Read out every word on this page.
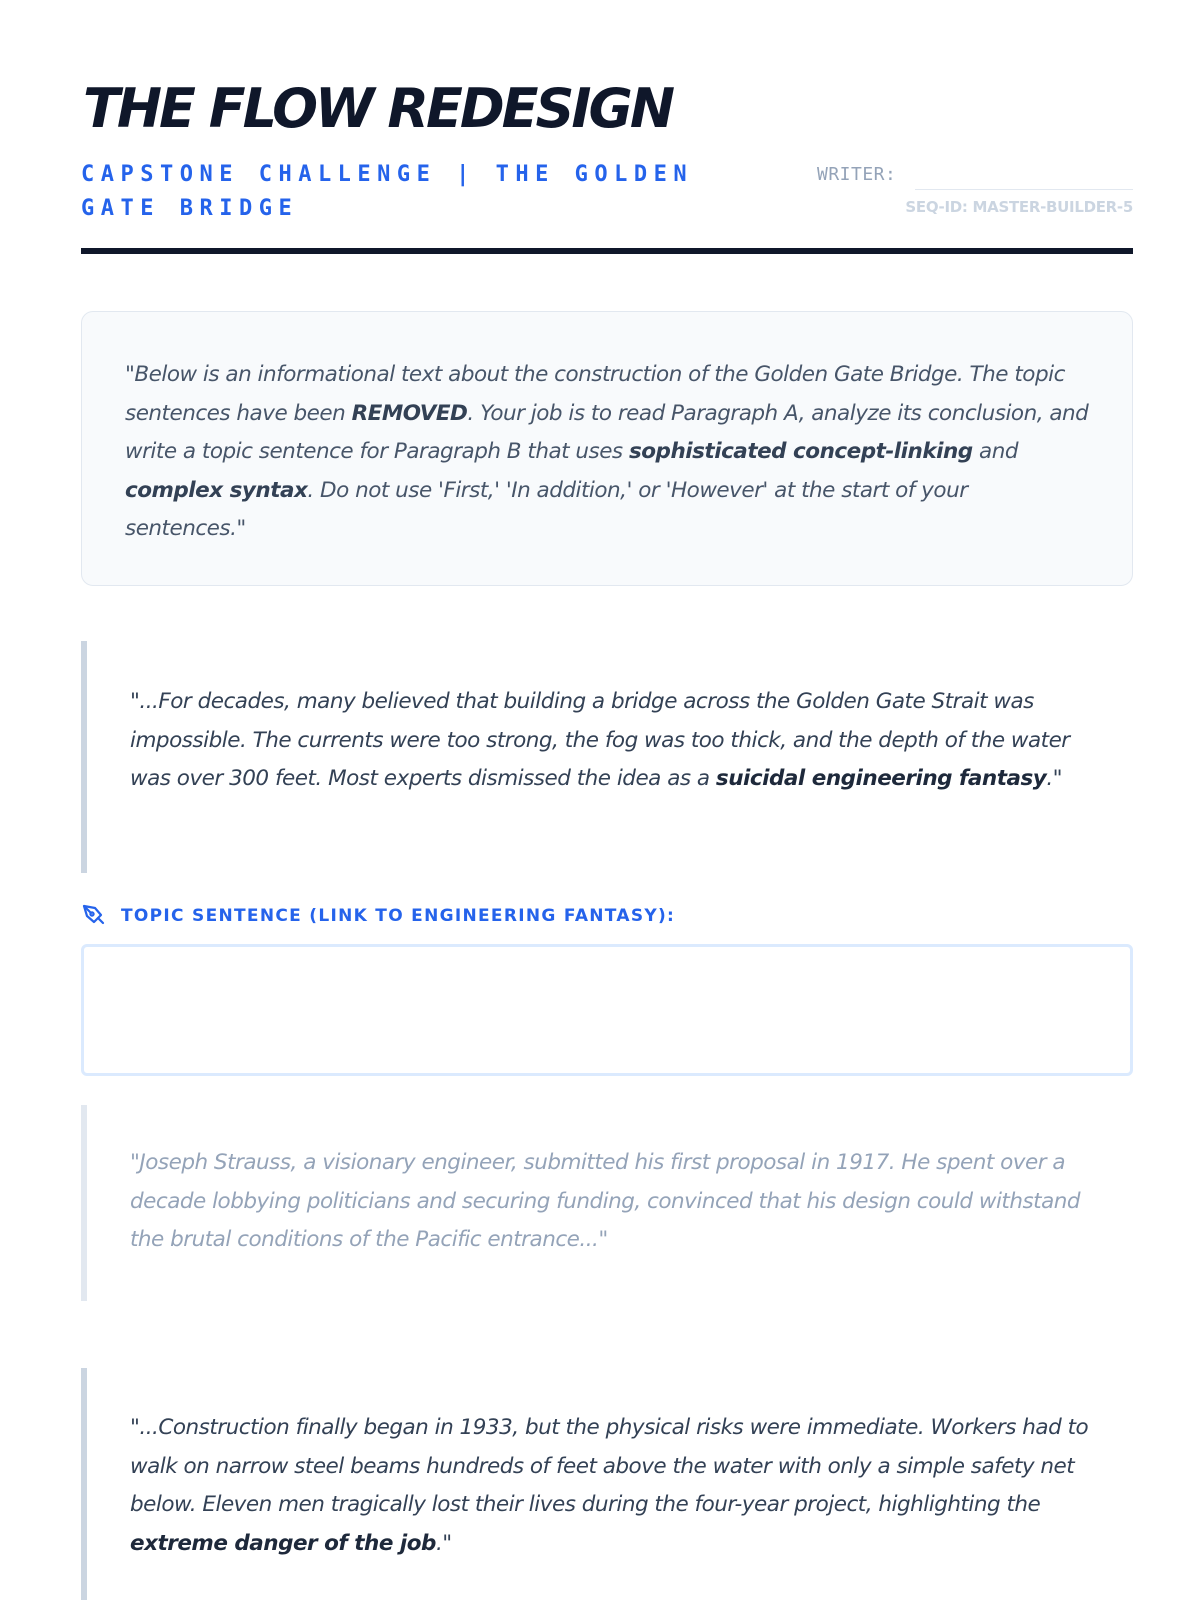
THE FLOW REDESIGN
CAPSTONE CHALLENGE | THE GOLDEN GATE BRIDGE
WRITER:
SEQ-ID: MASTER-BUILDER-5
"Below is an informational text about the construction of the Golden Gate Bridge. The topic sentences have been REMOVED. Your job is to read Paragraph A, analyze its conclusion, and write a topic sentence for Paragraph B that uses sophisticated concept-linking and complex syntax. Do not use 'First,' 'In addition,' or 'However' at the start of your sentences."
"...For decades, many believed that building a bridge across the Golden Gate Strait was impossible. The currents were too strong, the fog was too thick, and the depth of the water was over 300 feet. Most experts dismissed the idea as a suicidal engineering fantasy."
TOPIC SENTENCE (LINK TO ENGINEERING FANTASY):
"Joseph Strauss, a visionary engineer, submitted his first proposal in 1917. He spent over a decade lobbying politicians and securing funding, convinced that his design could withstand the brutal conditions of the Pacific entrance..."
"...Construction finally began in 1933, but the physical risks were immediate. Workers had to walk on narrow steel beams hundreds of feet above the water with only a simple safety net below. Eleven men tragically lost their lives during the four-year project, highlighting the extreme danger of the job."
